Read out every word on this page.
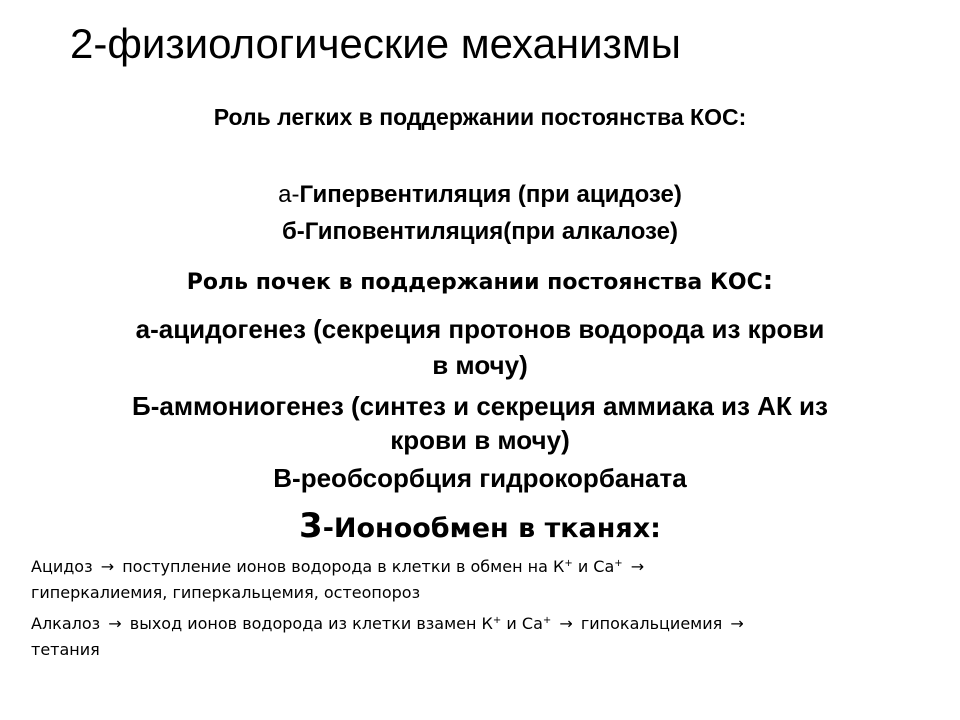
2-физиологические механизмы
Роль легких в поддержании постоянства КОС:
а-Гипервентиляция (при ацидозе)
б-Гиповентиляция(при алкалозе)
Роль почек в поддержании постоянства КОС:
а-ацидогенез (секреция протонов водорода из крови
в мочу)
Б-аммониогенез (синтез и секреция аммиака из АК из
крови в мочу)
В-реобсорбция гидрокорбаната
3-Ионообмен в тканях:
Ацидоз → поступление ионов водорода в клетки в обмен на К+ и Са+ →
гиперкалиемия, гиперкальцемия, остеопороз
Алкалоз → выход ионов водорода из клетки взамен К+ и Са+ → гипокальциемия →
тетания
